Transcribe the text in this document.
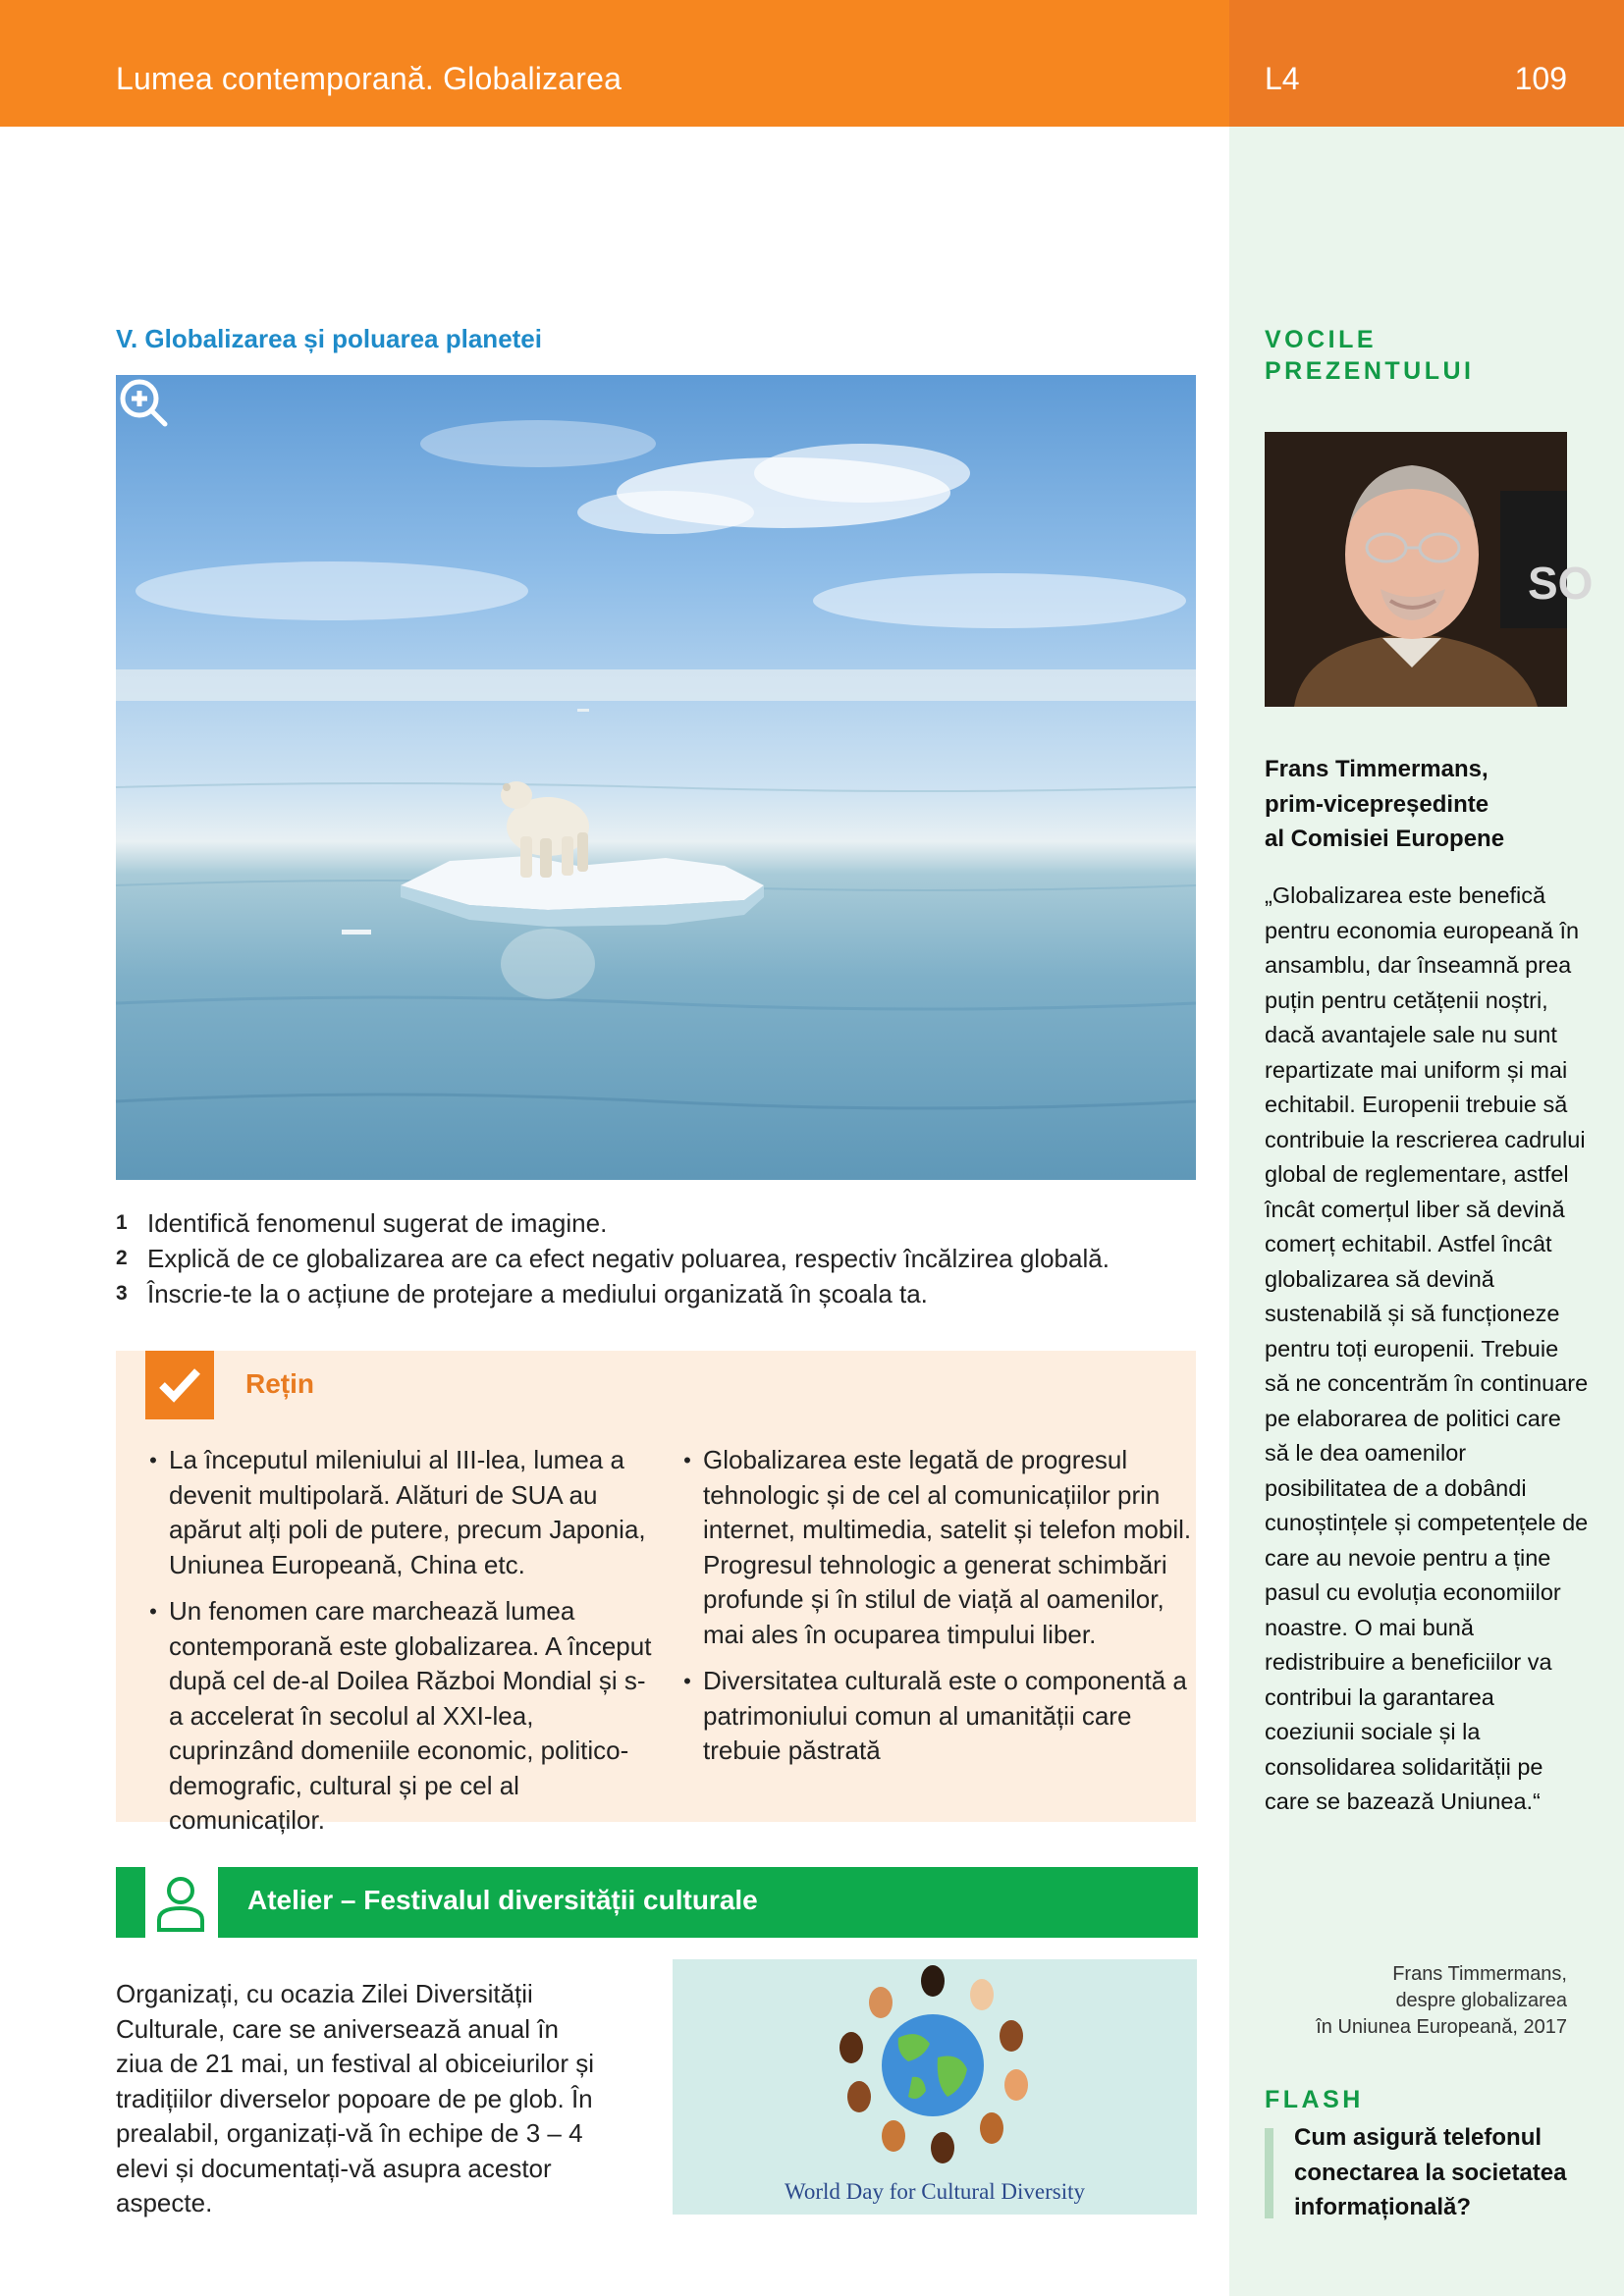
Lumea contemporană. Globalizarea	L4	109
V. Globalizarea și poluarea planetei
1 Identifică fenomenul sugerat de imagine.
2 Explică de ce globalizarea are ca efect negativ poluarea, respectiv încălzirea globală.
3 Înscrie-te la o acțiune de protejare a mediului organizată în școala ta.
Rețin
• La începutul mileniului al III-lea, lumea a devenit multipolară. Alături de SUA au apărut alți poli de putere, precum Japonia, Uniunea Europeană, China etc.
• Un fenomen care marchează lumea contemporană este globalizarea. A început după cel de-al Doilea Război Mondial și s-a accelerat în secolul al XXI-lea, cuprinzând domeniile economic, politico-demografic, cultural și pe cel al comunicaților.
• Globalizarea este legată de progresul tehnologic și de cel al comunicațiilor prin internet, multimedia, satelit și telefon mobil. Progresul tehnologic a generat schimbări profunde și în stilul de viață al oamenilor, mai ales în ocuparea timpului liber.
• Diversitatea culturală este o componentă a patrimoniului comun al umanității care trebuie păstrată
Atelier – Festivalul diversității culturale
Organizați, cu ocazia Zilei Diversității Culturale, care se aniversează anual în ziua de 21 mai, un festival al obiceiurilor și tradițiilor diverselor popoare de pe glob. În prealabil, organizați-vă în echipe de 3 – 4 elevi și documentați-vă asupra acestor aspecte.	World Day for Cultural Diversity
VOCILE PREZENTULUI
SO
Frans Timmermans,
prim-vicepreședinte
al Comisiei Europene
„Globalizarea este benefică pentru economia europeană în ansamblu, dar înseamnă prea puțin pentru cetățenii noștri, dacă avantajele sale nu sunt repartizate mai uniform și mai echitabil. Europenii trebuie să contribuie la rescrierea cadrului global de reglementare, astfel încât comerțul liber să devină comerț echitabil. Astfel încât globalizarea să devină sustenabilă și să funcționeze pentru toți europenii. Trebuie să ne concentrăm în continuare pe elaborarea de politici care să le dea oamenilor posibilitatea de a dobândi cunoștințele și competențele de care au nevoie pentru a ține pasul cu evoluția economiilor noastre. O mai bună redistribuire a beneficiilor va contribui la garantarea coeziunii sociale și la consolidarea solidarității pe care se bazează Uniunea.“
Frans Timmermans,
despre globalizarea
în Uniunea Europeană, 2017
FLASH
Cum asigură telefonul conectarea la societatea informațională?
